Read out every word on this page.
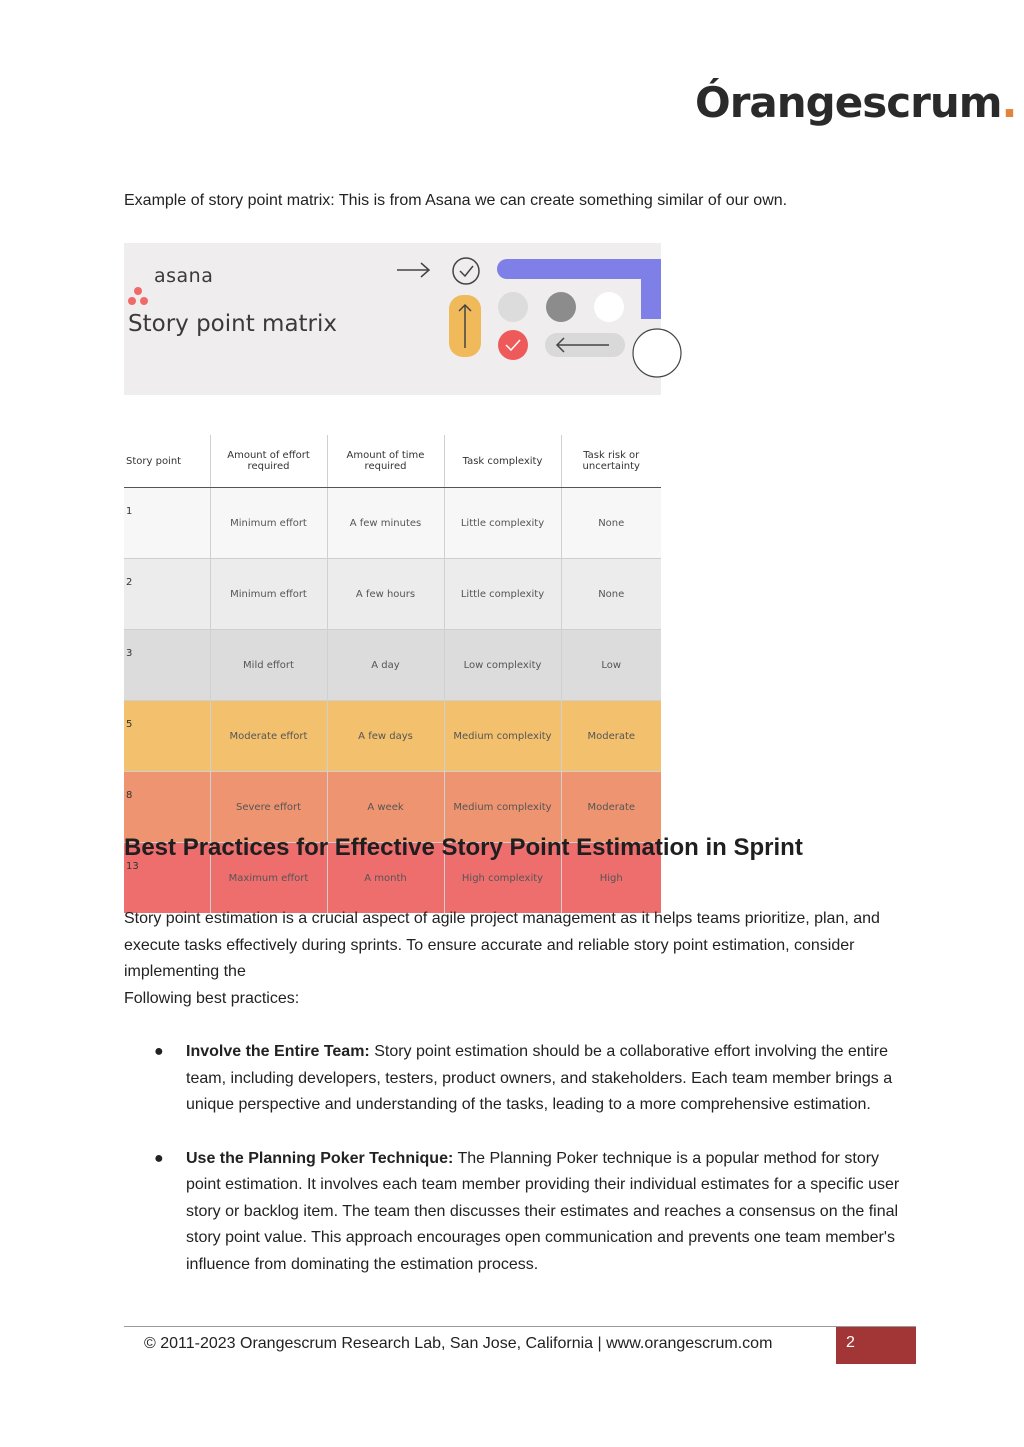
Órangescrum.
Example of story point matrix: This is from Asana we can create something similar of our own.
asana
Story point matrix
Story point	Amount of effort required	Amount of time required	Task complexity	Task risk or uncertainty
1	Minimum effort	A few minutes	Little complexity	None
2	Minimum effort	A few hours	Little complexity	None
3	Mild effort	A day	Low complexity	Low
5	Moderate effort	A few days	Medium complexity	Moderate
8	Severe effort	A week	Medium complexity	Moderate
13	Maximum effort	A month	High complexity	High
Best Practices for Effective Story Point Estimation in Sprint
Story point estimation is a crucial aspect of agile project management as it helps teams prioritize, plan, and execute tasks effectively during sprints. To ensure accurate and reliable story point estimation, consider implementing the
Following best practices:
● Involve the Entire Team: Story point estimation should be a collaborative effort involving the entire team, including developers, testers, product owners, and stakeholders. Each team member brings a unique perspective and understanding of the tasks, leading to a more comprehensive estimation.
● Use the Planning Poker Technique: The Planning Poker technique is a popular method for story point estimation. It involves each team member providing their individual estimates for a specific user story or backlog item. The team then discusses their estimates and reaches a consensus on the final story point value. This approach encourages open communication and prevents one team member's influence from dominating the estimation process.
© 2011-2023 Orangescrum Research Lab, San Jose, California | www.orangescrum.com	2
